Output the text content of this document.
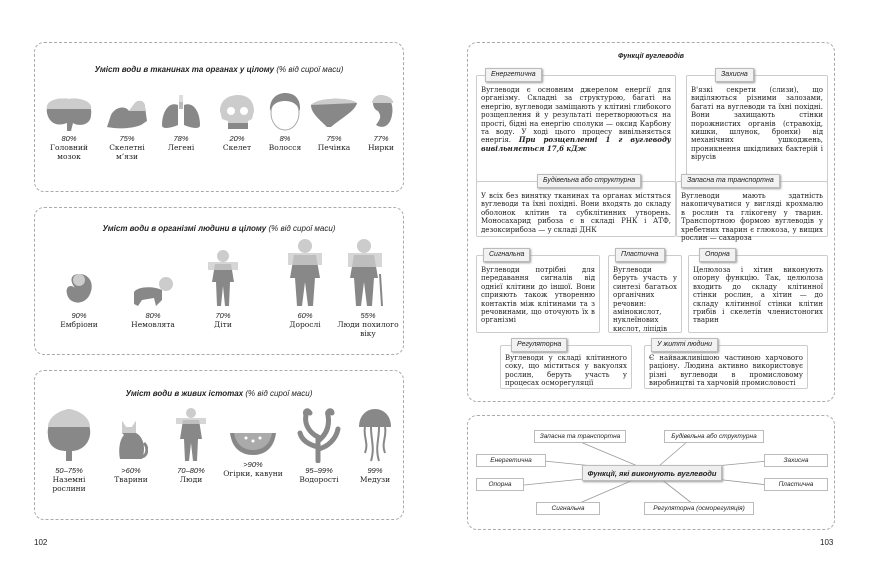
Уміст води в тканинах та органах у цілому (% від сирої маси)
80%
Головний мозок
75%
Скелетні м’язи
78%
Легені
20%
Скелет
8%
Волосся
75%
Печінка
77%
Нирки
Уміст води в організмі людини в цілому (% від сирої маси)
90%
Ембріони
80%
Немовлята
70%
Діти
60%
Дорослі
55%
Люди похилого віку
Уміст води в живих істотах (% від сирої маси)
50–75%
Наземні рослини
>60%
Тварини
70–80%
Люди
>90%
Огірки, кавуни	95–99%
Водорості
99%
Медузи
102	103
Функції вуглеводів
Енергетична
Вуглеводи є основним джерелом енергії для організму. Складні за структурою, багаті на енергію, вуглеводи заміщають у клітині глибокого розщеплення й у результаті перетворюються на прості, бідні на енергію сполуки — оксид Карбону та воду. У ході цього процесу вивільняється енергія. При розщепленні 1 г вуглеводу вивільняється 17,6 кДж
Захисна
В'язкі секрети (слизи), що виділяються різними залозами, багаті на вуглеводи та їхні похідні. Вони захищають стінки порожнистих органів (стравохід, кишки, шлунок, бронхи) від механічних ушкоджень, проникнення шкідливих бактерій і вірусів
Будівельна або структурна
У всіх без винятку тканинах та органах містяться вуглеводи та їхні похідні. Вони входять до складу оболонок клітин та субклітинних утворень. Моносахарид рибоза є в складі РНК і АТФ, дезоксирибоза — у складі ДНК
Запасна та транспортна
Вуглеводи мають здатність накопичуватися у вигляді крохмалю в рослин та глікогену у тварин. Транспортною формою вуглеводів у хребетних тварин є глюкоза, у вищих рослин — сахароза
Сигнальна
Вуглеводи потрібні для передавання сигналів від однієї клітини до іншої. Вони сприяють також утворенню контактів між клітинами та з речовинами, що оточують їх в організмі
Пластична
Вуглеводи беруть участь у синтезі багатьох органічних речовин: амінокислот, нуклеїнових кислот, ліпідів
Опорна
Целюлоза і хітин виконують опорну функцію. Так, целюлоза входить до складу клітинної стінки рослин, а хітин — до складу клітинної стінки клітин грибів і скелетів членистоногих тварин
Регуляторна
Вуглеводи у складі клітинного соку, що міститься у вакуолях рослин, беруть участь у процесах осморегуляції
У житті людини
Є найважливішою частиною харчового раціону. Людина активно використовує різні вуглеводи в промисловому виробництві та харчовій промисловості
Запасна та транспортна	Будівельна або структурна
Енергетична	Захисна
Опорна	Пластична
Сигнальна	Регуляторна (осморегуляція)
Функції, які виконують вуглеводи
